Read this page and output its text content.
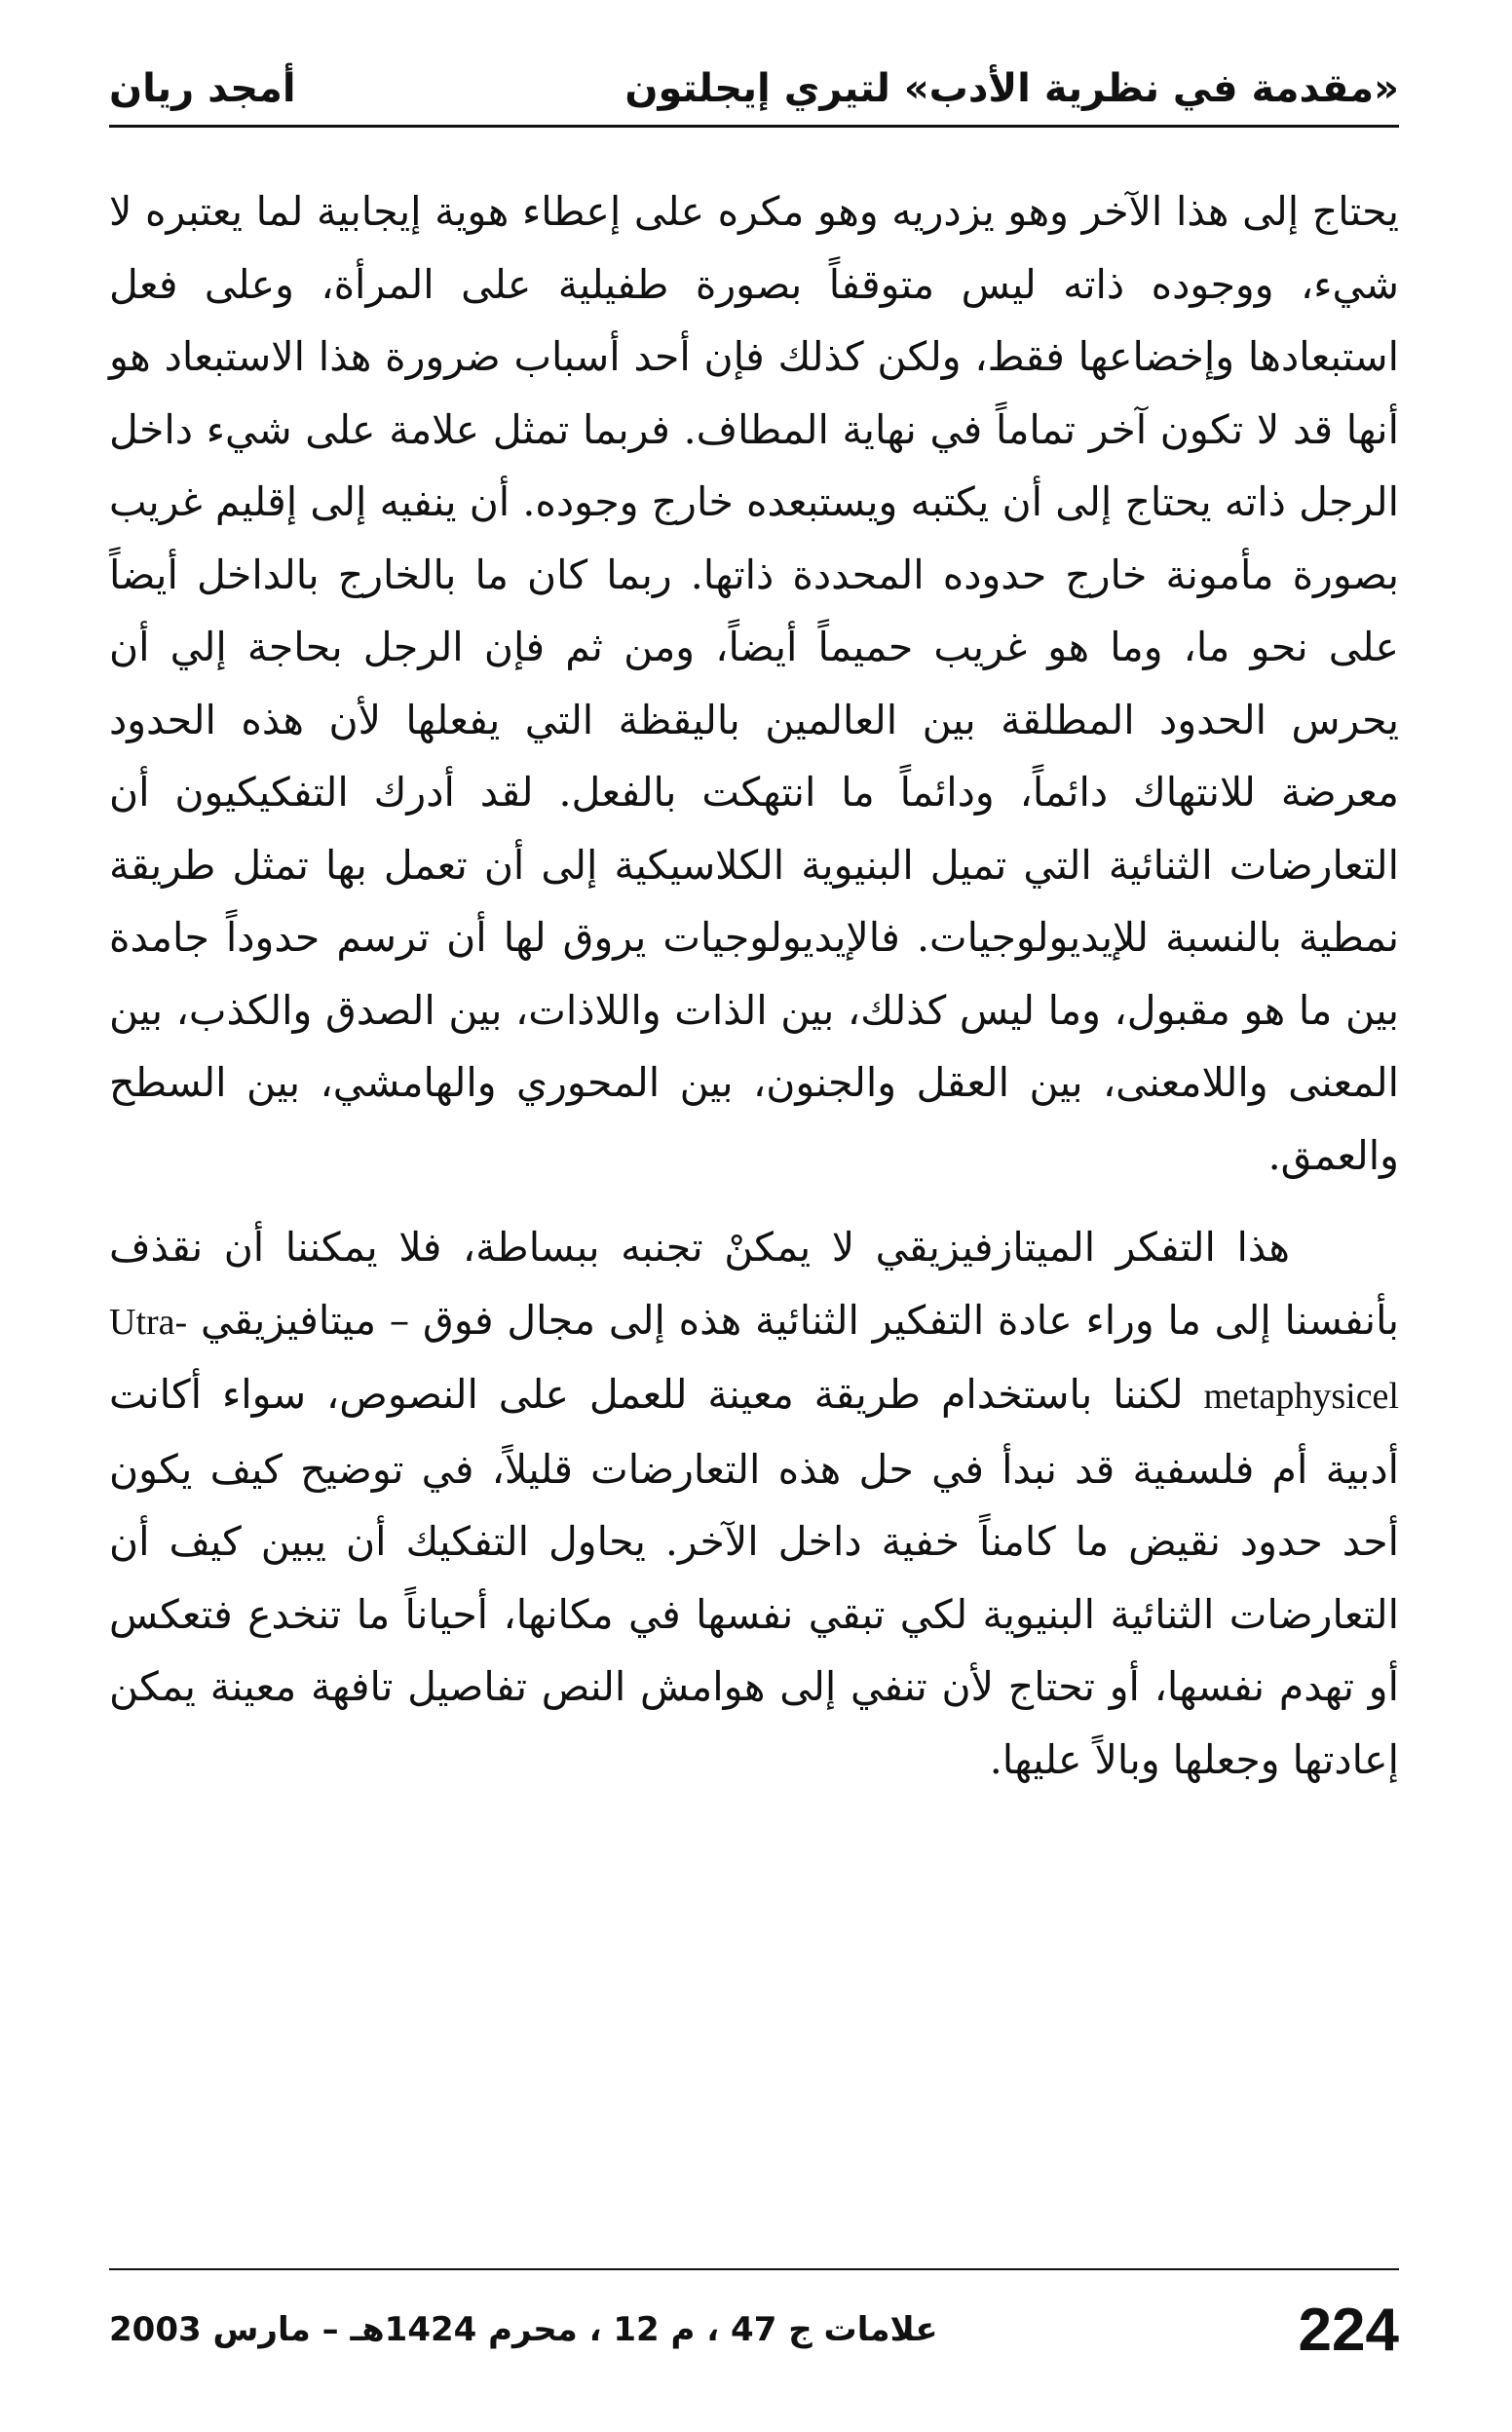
«مقدمة في نظرية الأدب» لتيري إيجلتون
أمجد ريان

يحتاج إلى هذا الآخر وهو يزدريه وهو مكره على إعطاء هوية إيجابية لما يعتبره لا شيء، ووجوده ذاته ليس متوقفاً بصورة طفيلية على المرأة، وعلى فعل استبعادها وإخضاعها فقط، ولكن كذلك فإن أحد أسباب ضرورة هذا الاستبعاد هو أنها قد لا تكون آخر تماماً في نهاية المطاف. فربما تمثل علامة على شيء داخل الرجل ذاته يحتاج إلى أن يكتبه ويستبعده خارج وجوده. أن ينفيه إلى إقليم غريب بصورة مأمونة خارج حدوده المحددة ذاتها. ربما كان ما بالخارج بالداخل أيضاً على نحو ما، وما هو غريب حميماً أيضاً، ومن ثم فإن الرجل بحاجة إلي أن يحرس الحدود المطلقة بين العالمين باليقظة التي يفعلها لأن هذه الحدود معرضة للانتهاك دائماً، ودائماً ما انتهكت بالفعل. لقد أدرك التفكيكيون أن التعارضات الثنائية التي تميل البنيوية الكلاسيكية إلى أن تعمل بها تمثل طريقة نمطية بالنسبة للإيديولوجيات. فالإيديولوجيات يروق لها أن ترسم حدوداً جامدة بين ما هو مقبول، وما ليس كذلك، بين الذات واللاذات، بين الصدق والكذب، بين المعنى واللامعنى، بين العقل والجنون، بين المحوري والهامشي، بين السطح والعمق.

هذا التفكر الميتازفيزيقي لا يمكنْ تجنبه ببساطة، فلا يمكننا أن نقذف بأنفسنا إلى ما وراء عادة التفكير الثنائية هذه إلى مجال فوق – ميتافيزيقي Utra-metaphysicel لكننا باستخدام طريقة معينة للعمل على النصوص، سواء أكانت أدبية أم فلسفية قد نبدأ في حل هذه التعارضات قليلاً، في توضيح كيف يكون أحد حدود نقيض ما كامناً خفية داخل الآخر. يحاول التفكيك أن يبين كيف أن التعارضات الثنائية البنيوية لكي تبقي نفسها في مكانها، أحياناً ما تنخدع فتعكس أو تهدم نفسها، أو تحتاج لأن تنفي إلى هوامش النص تفاصيل تافهة معينة يمكن إعادتها وجعلها وبالاً عليها.

224
علامات ج 47 ، م 12 ، محرم 1424هـ – مارس 2003
